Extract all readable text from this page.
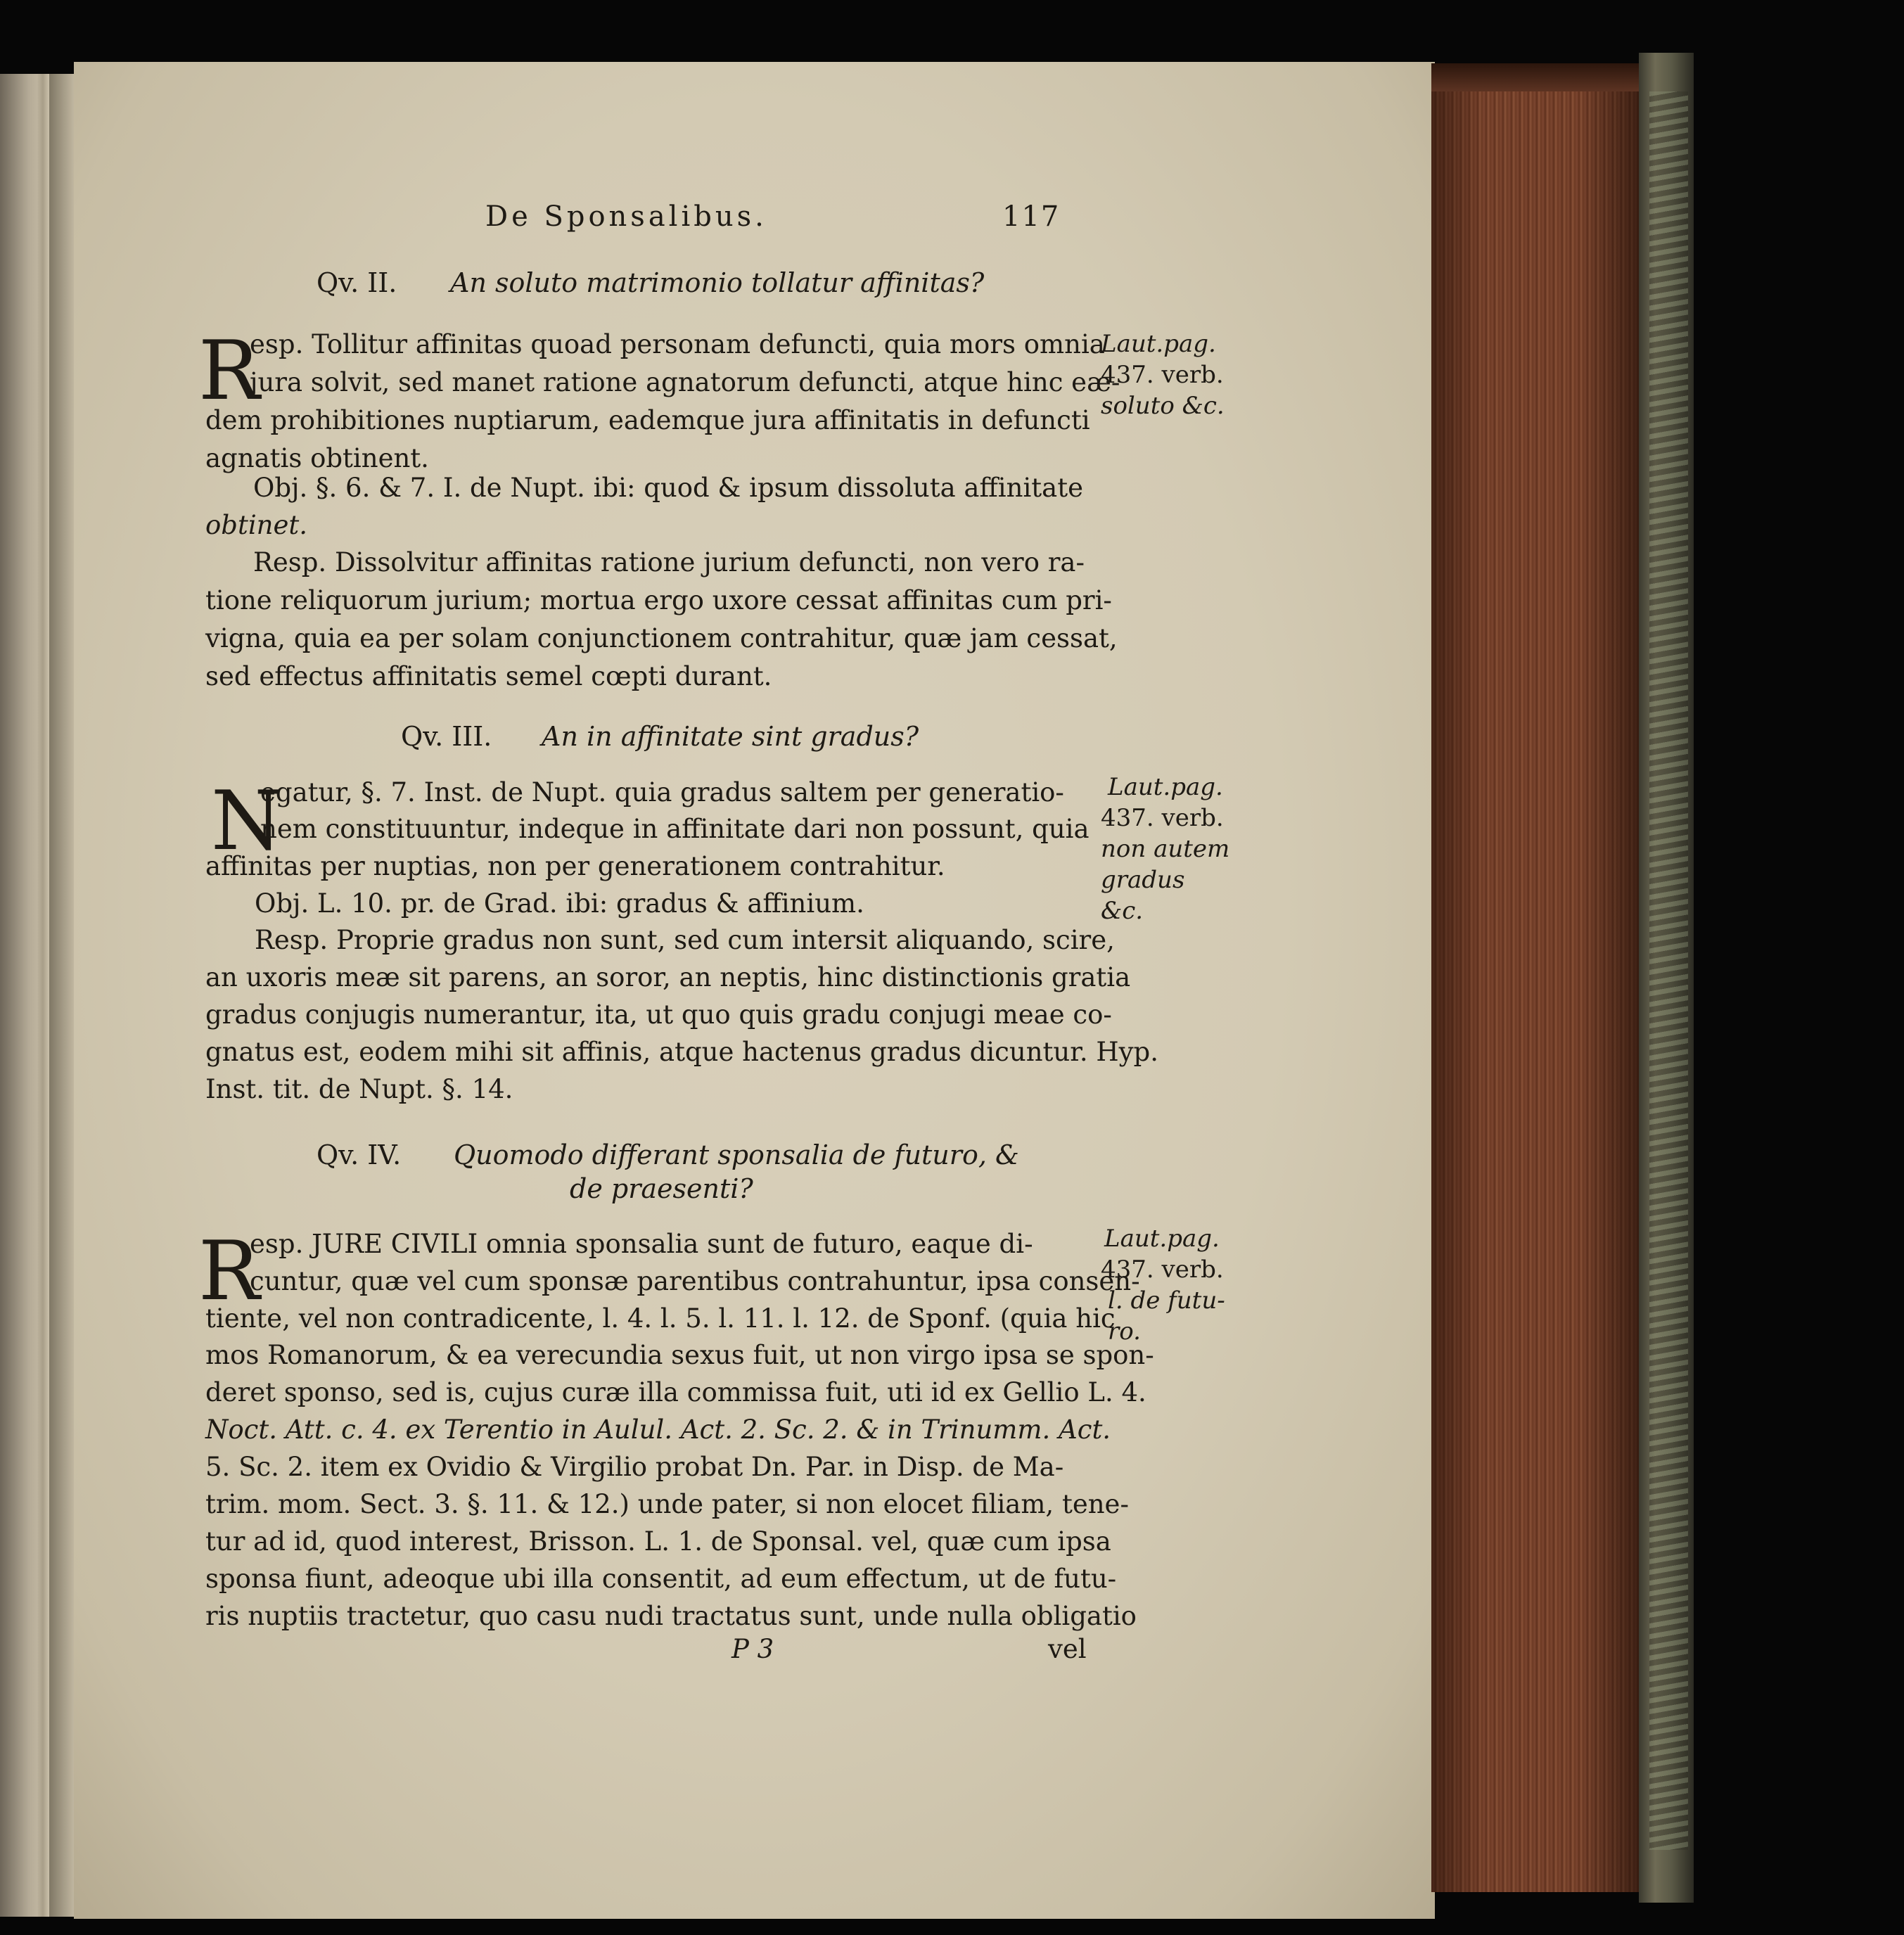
De Sponsalibus.	117
Qv. II. An soluto matrimonio tollatur affinitas?
R
esp. Tollitur affinitas quoad personam defuncti, quia mors omnia
jura solvit, sed manet ratione agnatorum defuncti, atque hinc eæ-
dem prohibitiones nuptiarum, eademque jura affinitatis in defuncti
agnatis obtinent.
Obj. §. 6. & 7. I. de Nupt. ibi: quod & ipsum dissoluta affinitate
obtinet.
Resp. Dissolvitur affinitas ratione jurium defuncti, non vero ra-
tione reliquorum jurium; mortua ergo uxore cessat affinitas cum pri-
vigna, quia ea per solam conjunctionem contrahitur, quæ jam cessat,
sed effectus affinitatis semel cœpti durant.
Laut.pag.
437. verb.
soluto &c.
Qv. III. An in affinitate sint gradus?
N
egatur, §. 7. Inst. de Nupt. quia gradus saltem per generatio-
nem constituuntur, indeque in affinitate dari non possunt, quia
affinitas per nuptias, non per generationem contrahitur.
Obj. L. 10. pr. de Grad. ibi: gradus & affinium.
Resp. Proprie gradus non sunt, sed cum intersit aliquando, scire,
an uxoris meæ sit parens, an soror, an neptis, hinc distinctionis gratia
gradus conjugis numerantur, ita, ut quo quis gradu conjugi meae co-
gnatus est, eodem mihi sit affinis, atque hactenus gradus dicuntur. Hyp.
Inst. tit. de Nupt. §. 14.
Laut.pag.
437. verb.
non autem
gradus
&c.
Qv. IV. Quomodo differant sponsalia de futuro, &
de praesenti?
R
esp. JURE CIVILI omnia sponsalia sunt de futuro, eaque di-
cuntur, quæ vel cum sponsæ parentibus contrahuntur, ipsa consen-
tiente, vel non contradicente, l. 4. l. 5. l. 11. l. 12. de Sponf. (quia hic
mos Romanorum, & ea verecundia sexus fuit, ut non virgo ipsa se spon-
deret sponso, sed is, cujus curæ illa commissa fuit, uti id ex Gellio L. 4.
Noct. Att. c. 4. ex Terentio in Aulul. Act. 2. Sc. 2. & in Trinumm. Act.
5. Sc. 2. item ex Ovidio & Virgilio probat Dn. Par. in Disp. de Ma-
trim. mom. Sect. 3. §. 11. & 12.) unde pater, si non elocet filiam, tene-
tur ad id, quod interest, Brisson. L. 1. de Sponsal. vel, quæ cum ipsa
sponsa fiunt, adeoque ubi illa consentit, ad eum effectum, ut de futu-
ris nuptiis tractetur, quo casu nudi tractatus sunt, unde nulla obligatio
Laut.pag.
437. verb.
l. de futu-
ro.
P 3	vel
